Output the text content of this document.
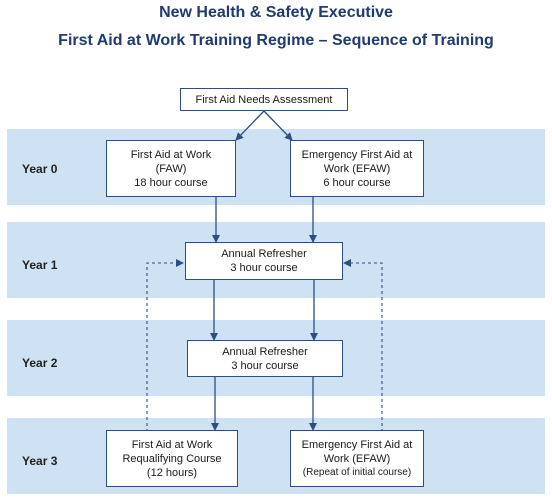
New Health & Safety Executive
First Aid at Work Training Regime – Sequence of Training
Year 0
Year 1
Year 2
Year 3
First Aid Needs Assessment
First Aid at Work
(FAW)
18 hour course
Emergency First Aid at
Work (EFAW)
6 hour course
Annual Refresher
3 hour course
Annual Refresher
3 hour course
First Aid at Work
Requalifying Course
(12 hours)
Emergency First Aid at
Work (EFAW)
(Repeat of initial course)
